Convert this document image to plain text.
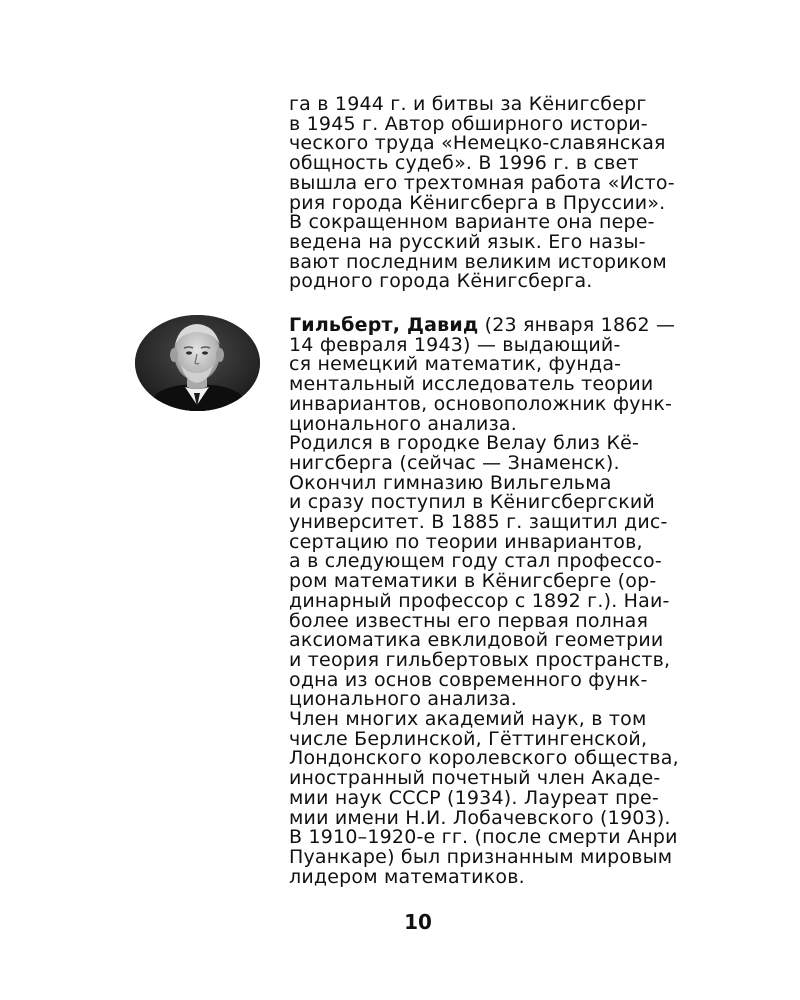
га в 1944 г. и битвы за Кёнигсберг
в 1945 г. Автор обширного истори-
ческого труда «Немецко-славянская
общность судеб». В 1996 г. в свет
вышла его трехтомная работа «Исто-
рия города Кёнигсберга в Пруссии».
В сокращенном варианте она пере-
ведена на русский язык. Его назы-
вают последним великим историком
родного города Кёнигсберга.
Гильберт, Давид (23 января 1862 —
14 февраля 1943) — выдающий-
ся немецкий математик, фунда-
ментальный исследователь теории
инвариантов, основоположник функ-
ционального анализа.
Родился в городке Велау близ Кё-
нигсберга (сейчас — Знаменск).
Окончил гимназию Вильгельма
и сразу поступил в Кёнигсбергский
университет. В 1885 г. защитил дис-
сертацию по теории инвариантов,
а в следующем году стал профессо-
ром математики в Кёнигсберге (ор-
динарный профессор с 1892 г.). Наи-
более известны его первая полная
аксиоматика евклидовой геометрии
и теория гильбертовых пространств,
одна из основ современного функ-
ционального анализа.
Член многих академий наук, в том
числе Берлинской, Гёттингенской,
Лондонского королевского общества,
иностранный почетный член Акаде-
мии наук СССР (1934). Лауреат пре-
мии имени Н.И. Лобачевского (1903).
В 1910–1920-е гг. (после смерти Анри
Пуанкаре) был признанным мировым
лидером математиков.
10
